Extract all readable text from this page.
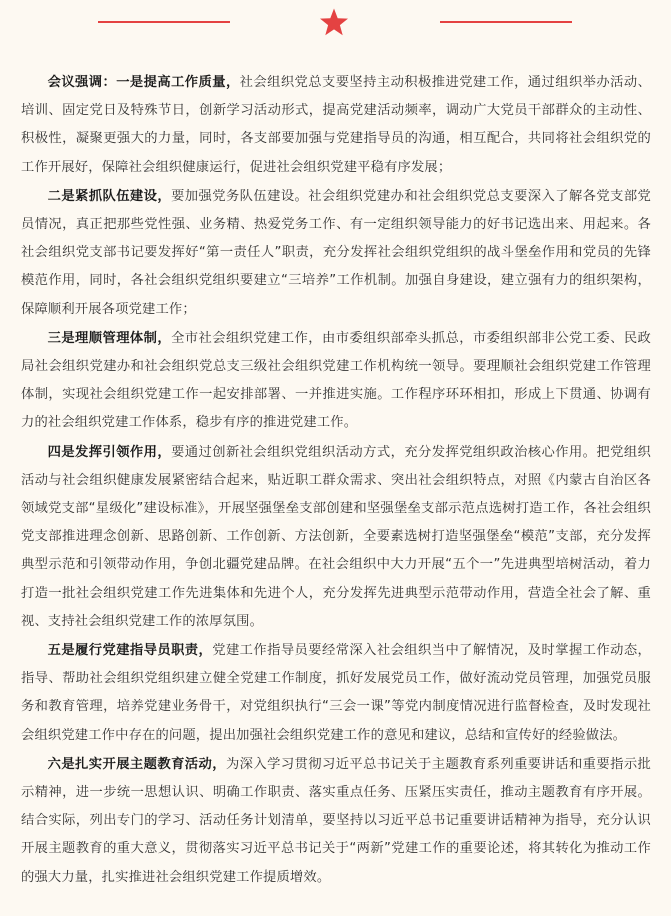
会议强调：一是提高工作质量，社会组织党总支要坚持主动积极推进党建工作，通过组织举办活动、培训、固定党日及特殊节日，创新学习活动形式，提高党建活动频率，调动广大党员干部群众的主动性、积极性，凝聚更强大的力量，同时，各支部要加强与党建指导员的沟通，相互配合，共同将社会组织党的工作开展好，保障社会组织健康运行，促进社会组织党建平稳有序发展；

二是紧抓队伍建设，要加强党务队伍建设。社会组织党建办和社会组织党总支要深入了解各党支部党员情况，真正把那些党性强、业务精、热爱党务工作、有一定组织领导能力的好书记选出来、用起来。各社会组织党支部书记要发挥好“第一责任人”职责，充分发挥社会组织党组织的战斗堡垒作用和党员的先锋模范作用，同时，各社会组织党组织要建立“三培养”工作机制。加强自身建设，建立强有力的组织架构，保障顺利开展各项党建工作；

三是理顺管理体制，全市社会组织党建工作，由市委组织部牵头抓总，市委组织部非公党工委、民政局社会组织党建办和社会组织党总支三级社会组织党建工作机构统一领导。要理顺社会组织党建工作管理体制，实现社会组织党建工作一起安排部署、一并推进实施。工作程序环环相扣，形成上下贯通、协调有力的社会组织党建工作体系，稳步有序的推进党建工作。

四是发挥引领作用，要通过创新社会组织党组织活动方式，充分发挥党组织政治核心作用。把党组织活动与社会组织健康发展紧密结合起来，贴近职工群众需求、突出社会组织特点，对照《内蒙古自治区各领域党支部“星级化”建设标准》，开展坚强堡垒支部创建和坚强堡垒支部示范点选树打造工作，各社会组织党支部推进理念创新、思路创新、工作创新、方法创新，全要素选树打造坚强堡垒“模范”支部，充分发挥典型示范和引领带动作用，争创北疆党建品牌。在社会组织中大力开展“五个一”先进典型培树活动，着力打造一批社会组织党建工作先进集体和先进个人，充分发挥先进典型示范带动作用，营造全社会了解、重视、支持社会组织党建工作的浓厚氛围。

五是履行党建指导员职责，党建工作指导员要经常深入社会组织当中了解情况，及时掌握工作动态，指导、帮助社会组织党组织建立健全党建工作制度，抓好发展党员工作，做好流动党员管理，加强党员服务和教育管理，培养党建业务骨干，对党组织执行“三会一课”等党内制度情况进行监督检查，及时发现社会组织党建工作中存在的问题，提出加强社会组织党建工作的意见和建议，总结和宣传好的经验做法。

六是扎实开展主题教育活动，为深入学习贯彻习近平总书记关于主题教育系列重要讲话和重要指示批示精神，进一步统一思想认识、明确工作职责、落实重点任务、压紧压实责任，推动主题教育有序开展。结合实际，列出专门的学习、活动任务计划清单，要坚持以习近平总书记重要讲话精神为指导，充分认识开展主题教育的重大意义，贯彻落实习近平总书记关于“两新”党建工作的重要论述，将其转化为推动工作的强大力量，扎实推进社会组织党建工作提质增效。
